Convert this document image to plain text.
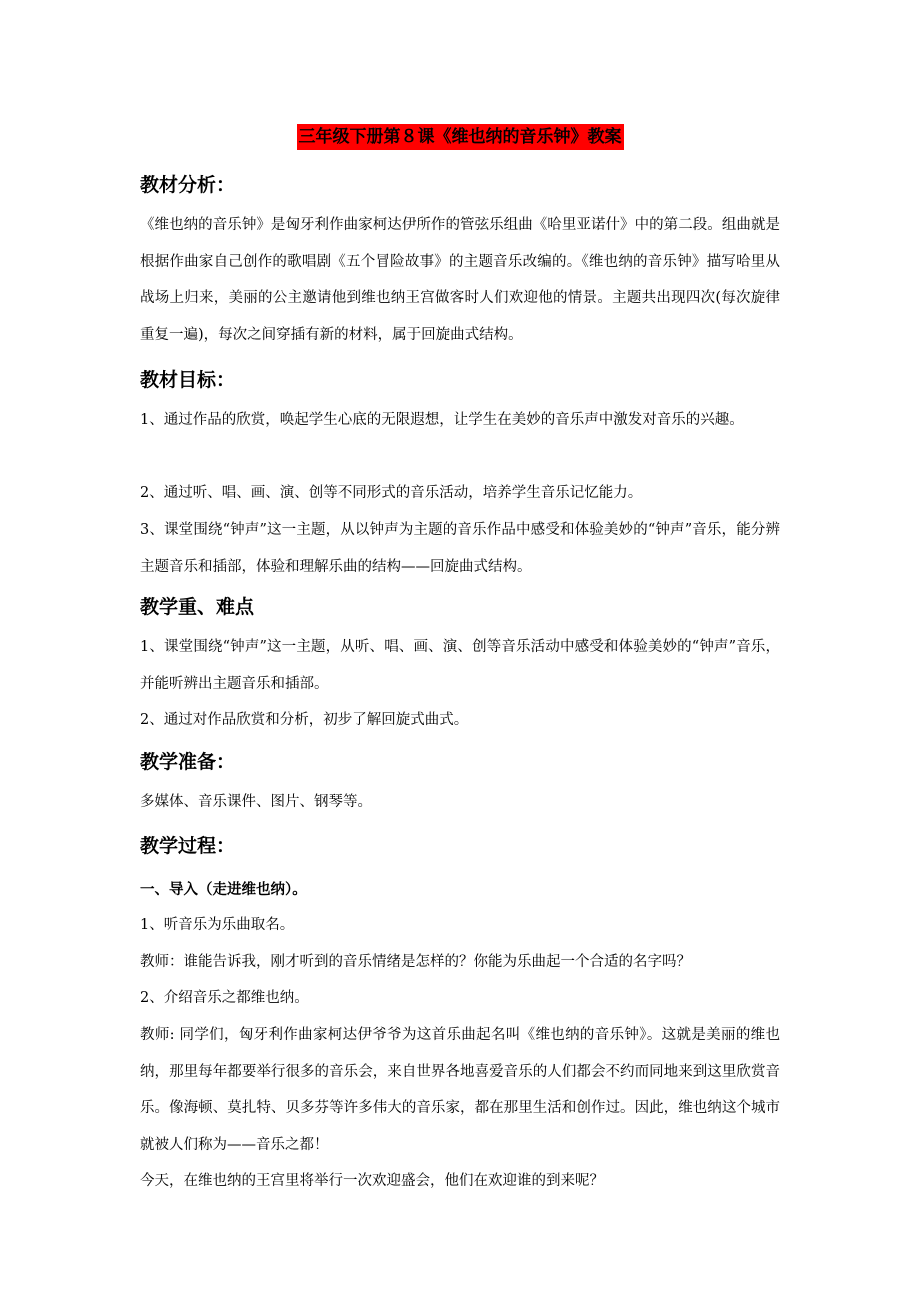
三年级下册第８课《维也纳的音乐钟》教案
教材分析：
《维也纳的音乐钟》是匈牙利作曲家柯达伊所作的管弦乐组曲《哈里亚诺什》中的第二段。组曲就是根据作曲家自己创作的歌唱剧《五个冒险故事》的主题音乐改编的。《维也纳的音乐钟》描写哈里从战场上归来，美丽的公主邀请他到维也纳王宫做客时人们欢迎他的情景。主题共出现四次(每次旋律重复一遍)，每次之间穿插有新的材料，属于回旋曲式结构。
教材目标：
1、通过作品的欣赏，唤起学生心底的无限遐想，让学生在美妙的音乐声中激发对音乐的兴趣。
2、通过听、唱、画、演、创等不同形式的音乐活动，培养学生音乐记忆能力。
3、课堂围绕“钟声”这一主题，从以钟声为主题的音乐作品中感受和体验美妙的“钟声”音乐，能分辨主题音乐和插部，体验和理解乐曲的结构——回旋曲式结构。
教学重、难点
1、课堂围绕“钟声”这一主题，从听、唱、画、演、创等音乐活动中感受和体验美妙的“钟声”音乐，并能听辨出主题音乐和插部。
2、通过对作品欣赏和分析，初步了解回旋式曲式。
教学准备：
多媒体、音乐课件、图片、钢琴等。
教学过程：
一、导入（走进维也纳）。
1、听音乐为乐曲取名。
教师：谁能告诉我，刚才听到的音乐情绪是怎样的？你能为乐曲起一个合适的名字吗？
2、介绍音乐之都维也纳。
教师: 同学们，匈牙利作曲家柯达伊爷爷为这首乐曲起名叫《维也纳的音乐钟》。这就是美丽的维也纳，那里每年都要举行很多的音乐会，来自世界各地喜爱音乐的人们都会不约而同地来到这里欣赏音乐。像海顿、莫扎特、贝多芬等许多伟大的音乐家，都在那里生活和创作过。因此，维也纳这个城市就被人们称为——音乐之都！
今天，在维也纳的王宫里将举行一次欢迎盛会，他们在欢迎谁的到来呢？
